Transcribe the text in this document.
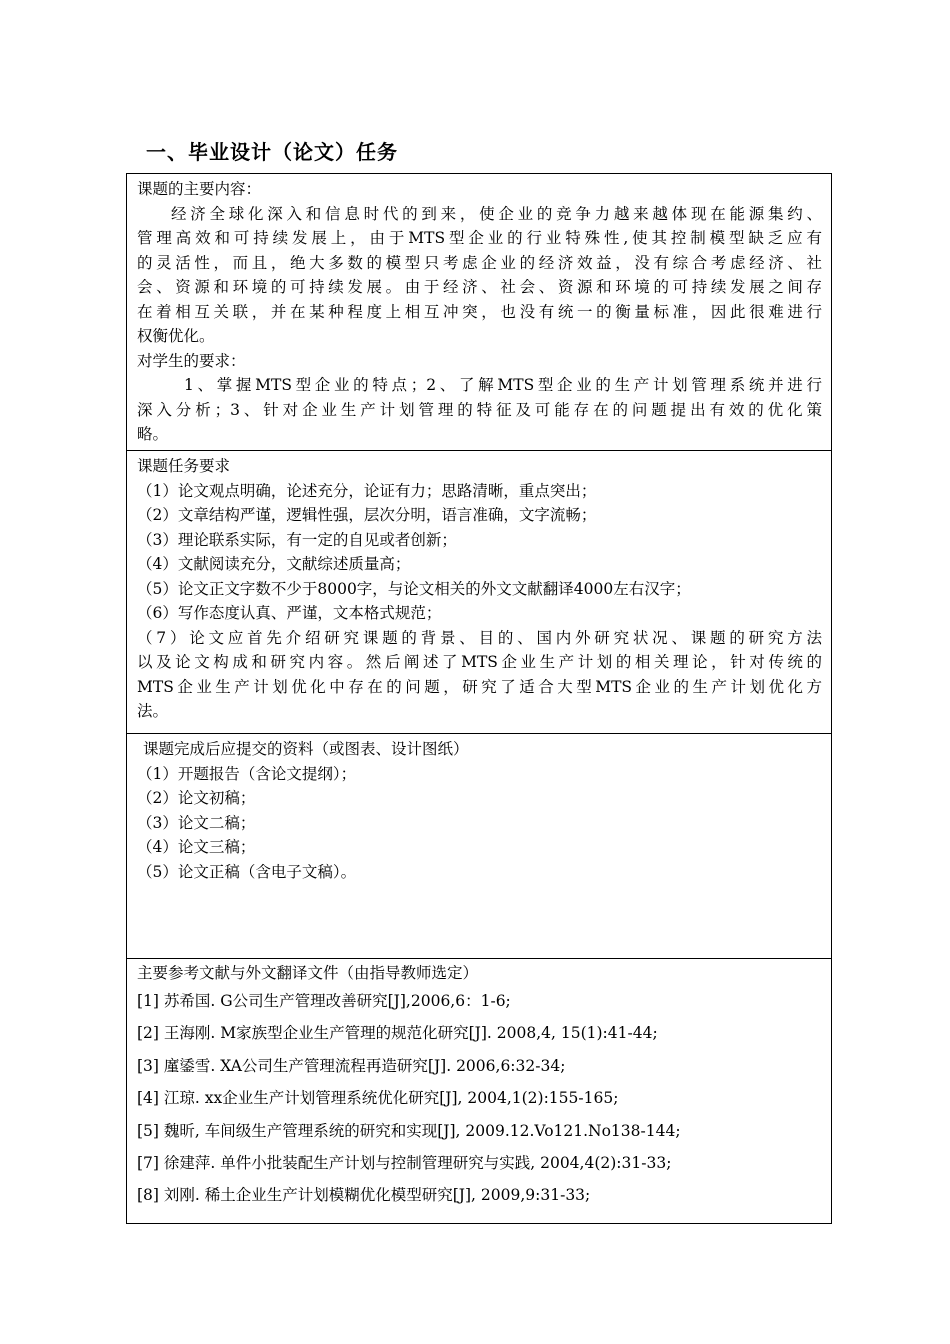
一、毕业设计（论文）任务
课题的主要内容：
经济全球化深入和信息时代的到来，使企业的竞争力越来越体现在能源集约、
管理高效和可持续发展上，由于MTS型企业的行业特殊性,使其控制模型缺乏应有
的灵活性，而且，绝大多数的模型只考虑企业的经济效益，没有综合考虑经济、社
会、资源和环境的可持续发展。由于经济、社会、资源和环境的可持续发展之间存
在着相互关联，并在某种程度上相互冲突，也没有统一的衡量标准，因此很难进行
权衡优化。
对学生的要求：
1、掌握MTS型企业的特点；2、了解MTS型企业的生产计划管理系统并进行
深入分析；3、针对企业生产计划管理的特征及可能存在的问题提出有效的优化策
略。
课题任务要求
（1）论文观点明确，论述充分，论证有力；思路清晰，重点突出；
（2）文章结构严谨，逻辑性强，层次分明，语言准确，文字流畅；
（3）理论联系实际，有一定的自见或者创新；
（4）文献阅读充分，文献综述质量高；
（5）论文正文字数不少于8000字，与论文相关的外文文献翻译4000左右汉字；
（6）写作态度认真、严谨，文本格式规范；
（7）论文应首先介绍研究课题的背景、目的、国内外研究状况、课题的研究方法
以及论文构成和研究内容。然后阐述了MTS企业生产计划的相关理论，针对传统的
MTS企业生产计划优化中存在的问题，研究了适合大型MTS企业的生产计划优化方
法。
课题完成后应提交的资料（或图表、设计图纸）
（1）开题报告（含论文提纲）；
（2）论文初稿；
（3）论文二稿；
（4）论文三稿；
（5）论文正稿（含电子文稿）。
主要参考文献与外文翻译文件（由指导教师选定）
[1] 苏希国. G公司生产管理改善研究[J],2006,6：1-6;
[2] 王海刚. M家族型企业生产管理的规范化研究[J]. 2008,4, 15(1):41-44;
[3] 廑鋈雪. XA公司生产管理流程再造研究[J]. 2006,6:32-34;
[4] 江琼. xx企业生产计划管理系统优化研究[J], 2004,1(2):155-165;
[5] 魏昕, 车间级生产管理系统的研究和实现[J], 2009.12.Vo121.No138-144;
[7] 徐建萍. 单件小批装配生产计划与控制管理研究与实践, 2004,4(2):31-33;
[8] 刘刚. 稀土企业生产计划模糊优化模型研究[J], 2009,9:31-33;
